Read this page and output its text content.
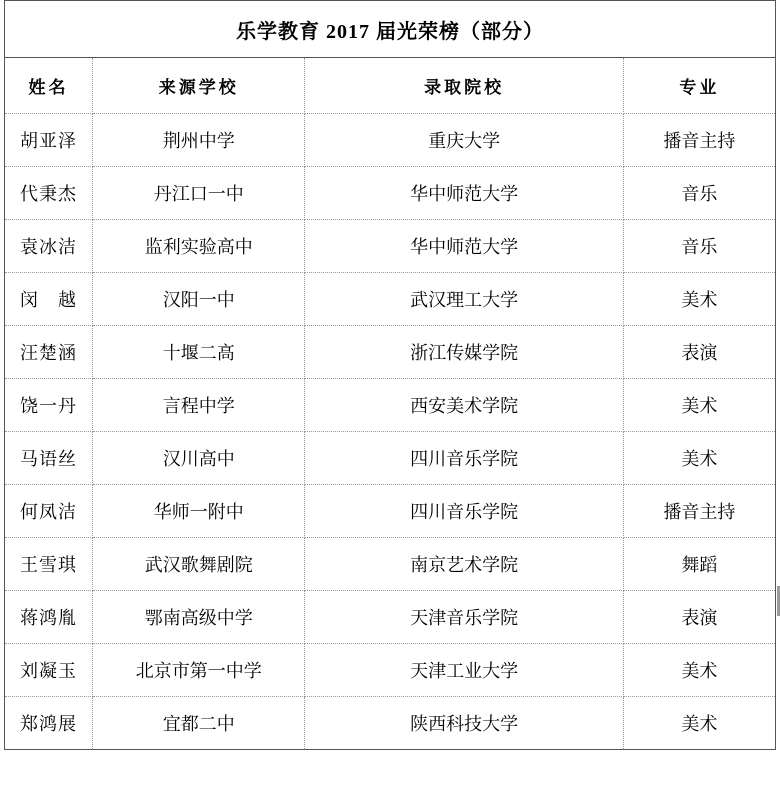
乐学教育 2017 届光荣榜（部分）			
姓名	来源学校	录取院校	专业
胡亚泽	荆州中学	重庆大学	播音主持
代秉杰	丹江口一中	华中师范大学	音乐
袁冰洁	监利实验高中	华中师范大学	音乐
闵　越	汉阳一中	武汉理工大学	美术
汪楚涵	十堰二高	浙江传媒学院	表演
饶一丹	言程中学	西安美术学院	美术
马语丝	汉川高中	四川音乐学院	美术
何凤洁	华师一附中	四川音乐学院	播音主持
王雪琪	武汉歌舞剧院	南京艺术学院	舞蹈
蒋鸿胤	鄂南高级中学	天津音乐学院	表演
刘凝玉	北京市第一中学	天津工业大学	美术
郑鸿展	宜都二中	陕西科技大学	美术
